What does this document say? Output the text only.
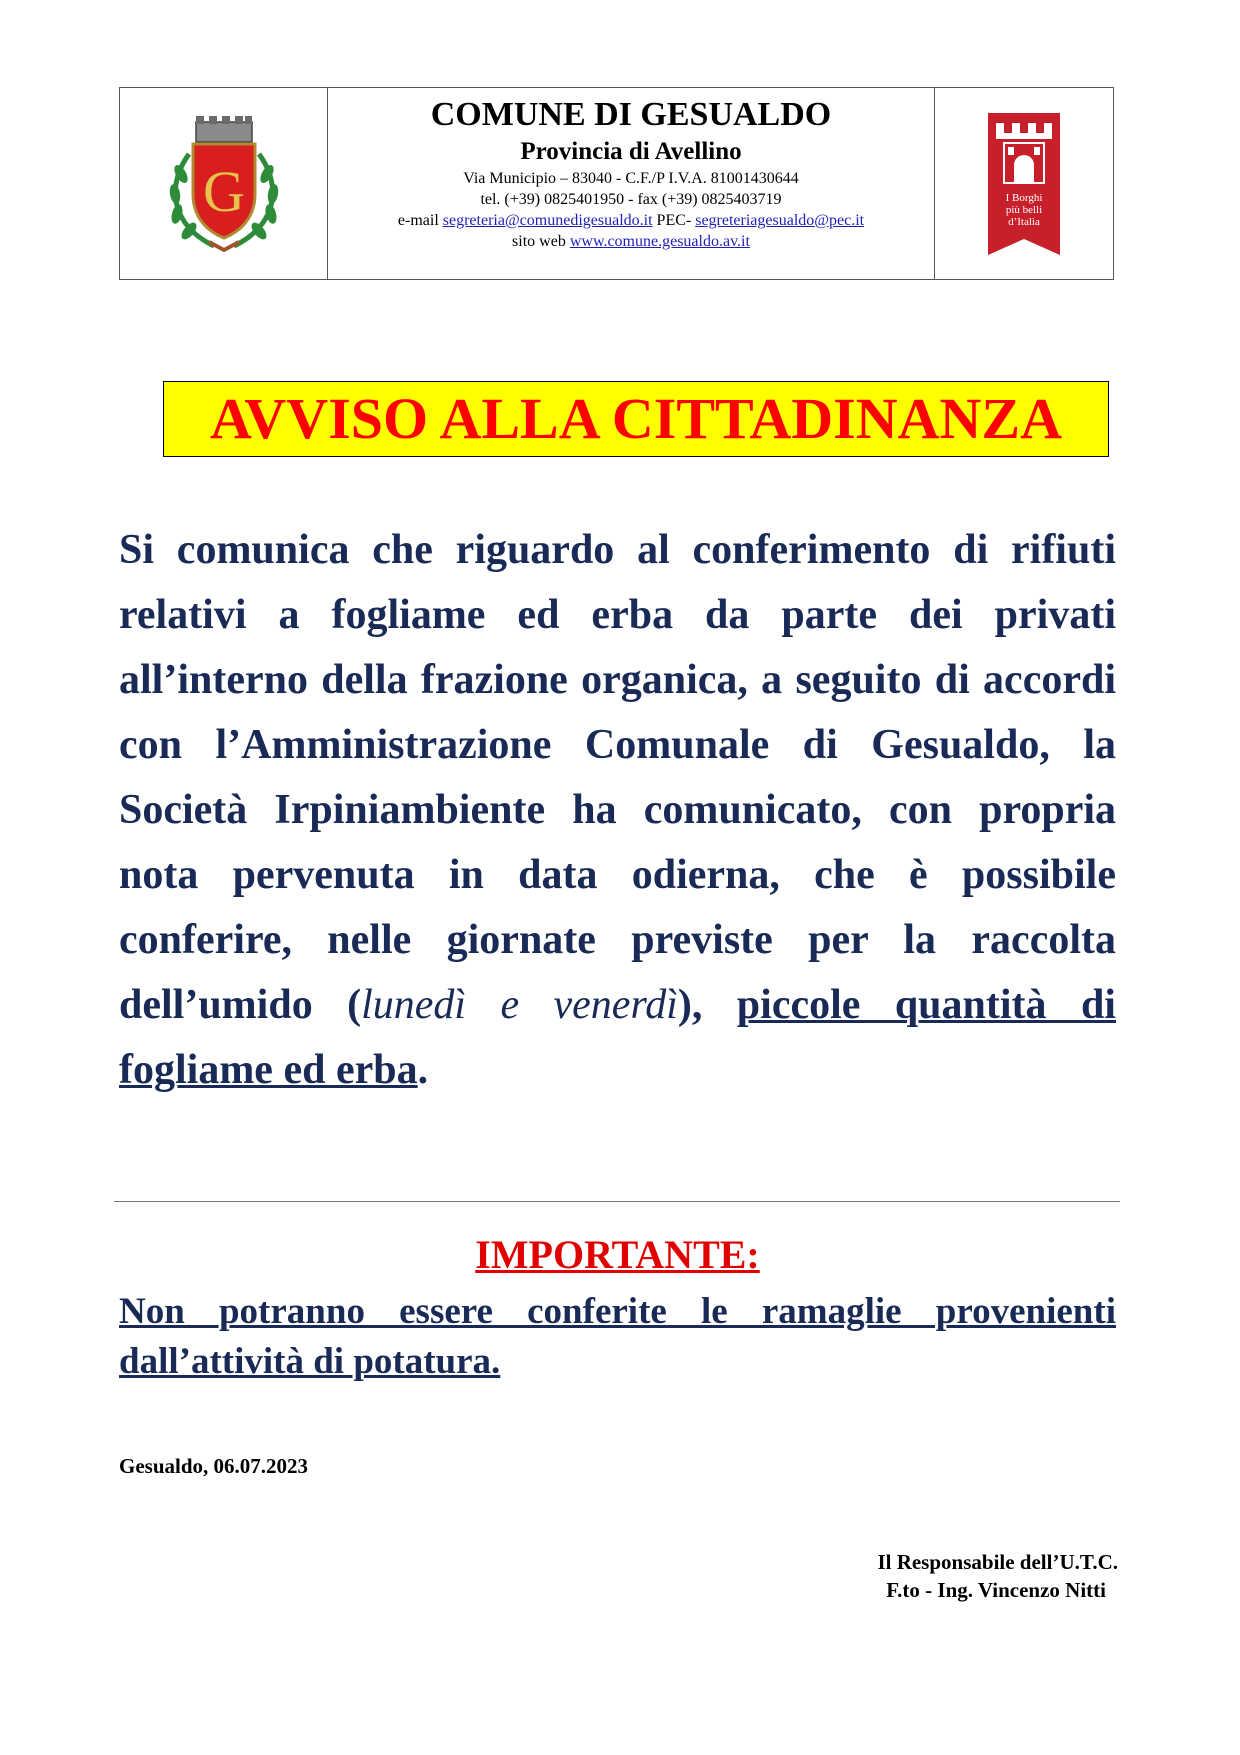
G
COMUNE DI GESUALDO
Provincia di Avellino
Via Municipio – 83040 - C.F./P I.V.A. 81001430644
tel. (+39) 0825401950 - fax (+39) 0825403719
e-mail segreteria@comunedigesualdo.it PEC- segreteriagesualdo@pec.it
sito web www.comune.gesualdo.av.it
I Borghi
più belli
d’Italia
AVVISO ALLA CITTADINANZA

Si comunica che riguardo al conferimento di rifiuti relativi a fogliame ed erba da parte dei privati all’interno della frazione organica, a seguito di accordi con l’Amministrazione Comunale di Gesualdo, la Società Irpiniambiente ha comunicato, con propria nota pervenuta in data odierna, che è possibile conferire, nelle giornate previste per la raccolta dell’umido (lunedì e venerdì), piccole quantità di fogliame ed erba.

IMPORTANTE:

Non potranno essere conferite le ramaglie provenienti dall’attività di potatura.

Gesualdo, 06.07.2023
Il Responsabile dell’U.T.C.
F.to - Ing. Vincenzo Nitti
